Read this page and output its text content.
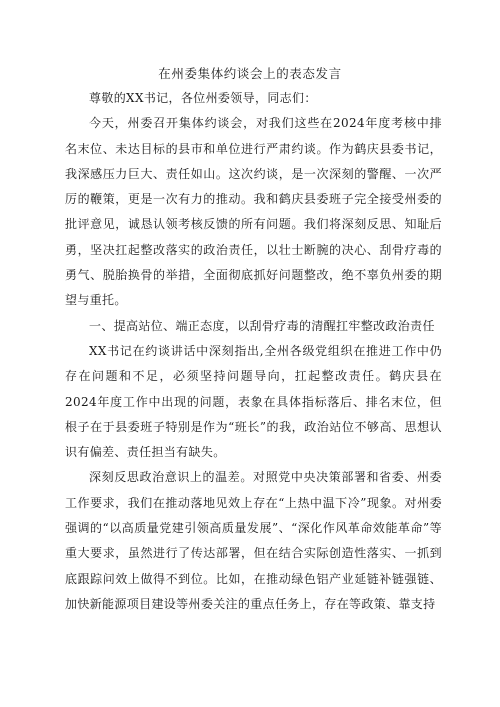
在州委集体约谈会上的表态发言

尊敬的XX书记，各位州委领导，同志们：

今天，州委召开集体约谈会，对我们这些在2024年度考核中排名末位、未达目标的县市和单位进行严肃约谈。作为鹤庆县委书记，我深感压力巨大、责任如山。这次约谈，是一次深刻的警醒、一次严厉的鞭策，更是一次有力的推动。我和鹤庆县委班子完全接受州委的批评意见，诚恳认领考核反馈的所有问题。我们将深刻反思、知耻后勇，坚决扛起整改落实的政治责任，以壮士断腕的决心、刮骨疗毒的勇气、脱胎换骨的举措，全面彻底抓好问题整改，绝不辜负州委的期望与重托。

一、提高站位、端正态度，以刮骨疗毒的清醒扛牢整改政治责任

XX书记在约谈讲话中深刻指出,全州各级党组织在推进工作中仍存在问题和不足，必须坚持问题导向，扛起整改责任。鹤庆县在2024年度工作中出现的问题，表象在具体指标落后、排名末位，但根子在于县委班子特别是作为“班长”的我，政治站位不够高、思想认识有偏差、责任担当有缺失。

深刻反思政治意识上的温差。对照党中央决策部署和省委、州委工作要求，我们在推动落地见效上存在“上热中温下冷”现象。对州委强调的“以高质量党建引领高质量发展”、“深化作风革命效能革命”等重大要求，虽然进行了传达部署，但在结合实际创造性落实、一抓到底跟踪问效上做得不到位。比如，在推动绿色铝产业延链补链强链、加快新能源项目建设等州委关注的重点任务上，存在等政策、靠支持
